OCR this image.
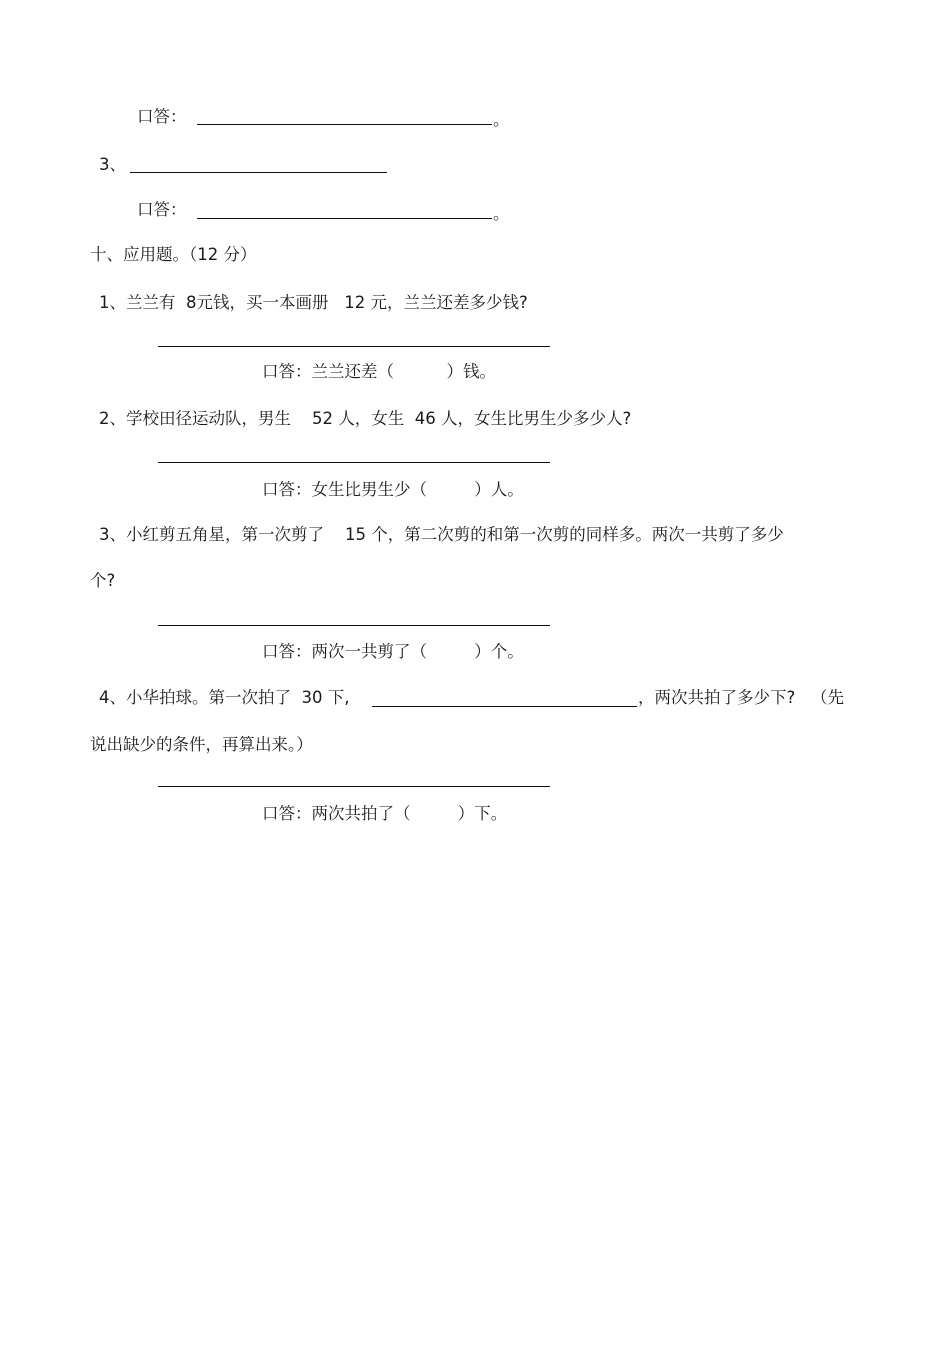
口答：	。
3、
口答：	。
十、应用题。（12 分）
1、兰兰有  8元钱，买一本画册   12 元，兰兰还差多少钱?
口答：兰兰还差（          ）钱。
2、学校田径运动队，男生    52 人，女生  46 人，女生比男生少多少人?
口答：女生比男生少（         ）人。
3、小红剪五角星，第一次剪了    15 个，第二次剪的和第一次剪的同样多。两次一共剪了多少
个?
口答：两次一共剪了（         ）个。
4、小华拍球。第一次拍了  30 下,	，两次共拍了多少下?   （先
说出缺少的条件，再算出来。）
口答：两次共拍了（         ）下。
